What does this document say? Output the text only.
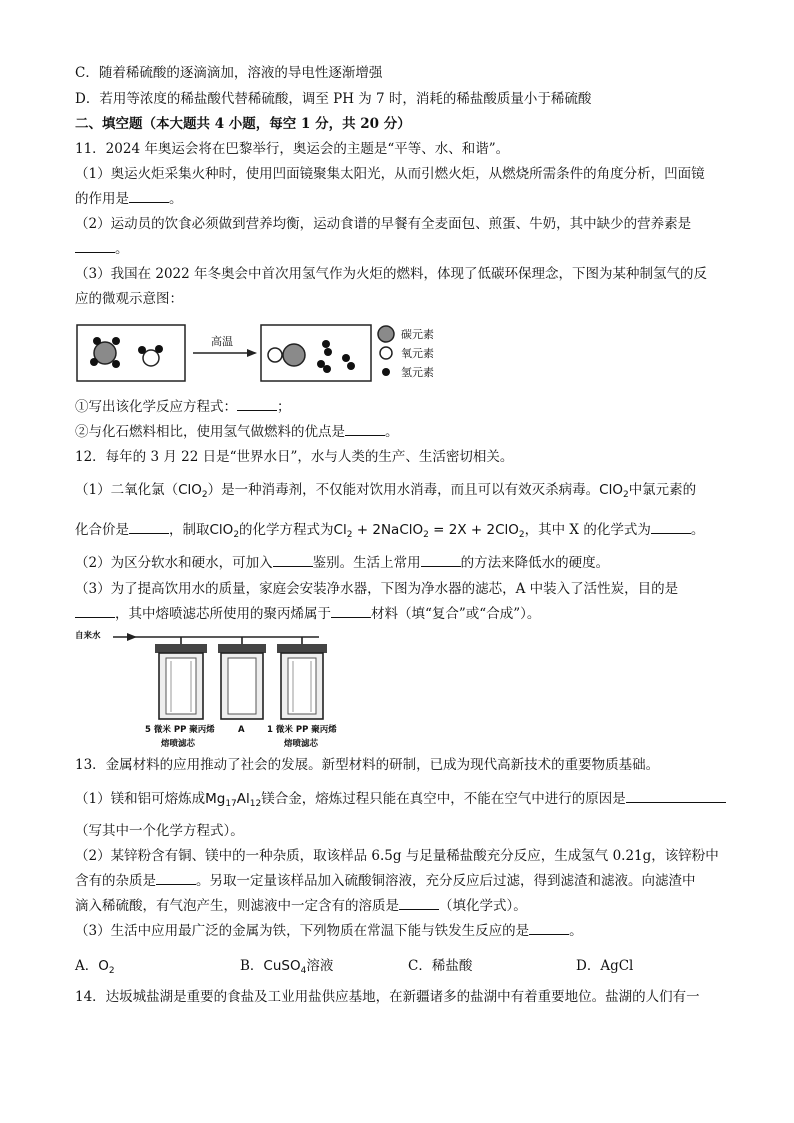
C．随着稀硫酸的逐滴滴加，溶液的导电性逐渐增强
D．若用等浓度的稀盐酸代替稀硫酸，调至 PH 为 7 时，消耗的稀盐酸质量小于稀硫酸
二、填空题（本大题共 4 小题，每空 1 分，共 20 分）
11．2024 年奥运会将在巴黎举行，奥运会的主题是“平等、水、和谐”。
（1）奥运火炬采集火种时，使用凹面镜聚集太阳光，从而引燃火炬，从燃烧所需条件的角度分析，凹面镜
的作用是	。
（2）运动员的饮食必须做到营养均衡，运动食谱的早餐有全麦面包、煎蛋、牛奶，其中缺少的营养素是
。
（3）我国在 2022 年冬奥会中首次用氢气作为火炬的燃料，体现了低碳环保理念，下图为某种制氢气的反
应的微观示意图：
高温
碳元素
氧元素
氢元素
①写出该化学反应方程式：	；
②与化石燃料相比，使用氢气做燃料的优点是	。
12．每年的 3 月 22 日是“世界水日”，水与人类的生产、生活密切相关。
（1）二氧化氯（ClO$_2$）是一种消毒剂，不仅能对饮用水消毒，而且可以有效灭杀病毒。ClO$_2$中氯元素的
化合价是	，制取ClO$_2$的化学方程式为$Cl_2$ + 2NaClO$_2$ = 2X + 2ClO$_2$，其中 X 的化学式为	。
（2）为区分软水和硬水，可加入	鉴别。生活上常用	的方法来降低水的硬度。
（3）为了提高饮用水的质量，家庭会安装净水器，下图为净水器的滤芯，A 中装入了活性炭，目的是
，其中熔喷滤芯所使用的聚丙烯属于	材料（填“复合”或“合成”）。
自来水
5 微米 PP 聚丙烯
熔喷滤芯
A	1 微米 PP 聚丙烯
熔喷滤芯
13．金属材料的应用推动了社会的发展。新型材料的研制，已成为现代高新技术的重要物质基础。
（1）镁和铝可熔炼成$Mg_{17}Al_{12}$镁合金，熔炼过程只能在真空中，不能在空气中进行的原因是
（写其中一个化学方程式）。
（2）某锌粉含有铜、镁中的一种杂质，取该样品 6.5g 与足量稀盐酸充分反应，生成氢气 0.21g，该锌粉中
含有的杂质是	。另取一定量该样品加入硫酸铜溶液，充分反应后过滤，得到滤渣和滤液。向滤渣中
滴入稀硫酸，有气泡产生，则滤液中一定含有的溶质是	（填化学式）。
（3）生活中应用最广泛的金属为铁，下列物质在常温下能与铁发生反应的是	。
A．$O_2$	B．CuSO$_4$溶液	C．稀盐酸	D．AgCl
14．达坂城盐湖是重要的食盐及工业用盐供应基地，在新疆诸多的盐湖中有着重要地位。盐湖的人们有一
